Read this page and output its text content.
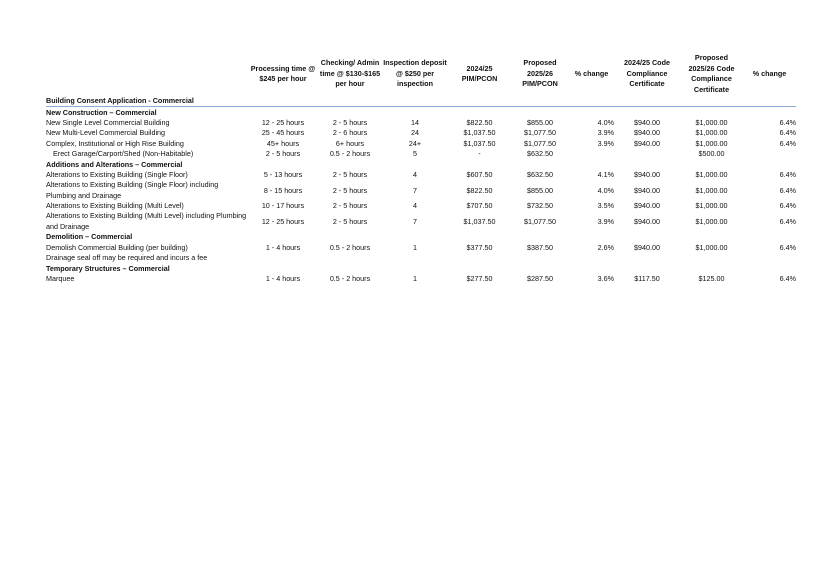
	Processing time @ $245 per hour	Checking/ Admin time @ $130-$165 per hour	Inspection deposit @ $250 per inspection	2024/25 PIM/PCON	Proposed 2025/26 PIM/PCON	% change	2024/25 Code Compliance Certificate	Proposed 2025/26 Code Compliance Certificate	% change
Building Consent Application - Commercial									
New Construction – Commercial									
New Single Level Commercial Building	12 - 25 hours	2 - 5 hours	14	$822.50	$855.00	4.0%	$940.00	$1,000.00	6.4%
New Multi-Level Commercial Building	25 - 45 hours	2 - 6 hours	24	$1,037.50	$1,077.50	3.9%	$940.00	$1,000.00	6.4%
Complex, Institutional or High Rise Building	45+ hours	6+ hours	24+	$1,037.50	$1,077.50	3.9%	$940.00	$1,000.00	6.4%
Erect Garage/Carport/Shed (Non-Habitable)	2 - 5 hours	0.5 - 2 hours	5	-	$632.50			$500.00	
Additions and Alterations – Commercial									
Alterations to Existing Building (Single Floor)	5 - 13 hours	2 - 5 hours	4	$607.50	$632.50	4.1%	$940.00	$1,000.00	6.4%
Alterations to Existing Building (Single Floor) including Plumbing and Drainage	8 - 15 hours	2 - 5 hours	7	$822.50	$855.00	4.0%	$940.00	$1,000.00	6.4%
Alterations to Existing Building (Multi Level)	10 - 17 hours	2 - 5 hours	4	$707.50	$732.50	3.5%	$940.00	$1,000.00	6.4%
Alterations to Existing Building (Multi Level) including Plumbing and Drainage	12 - 25 hours	2 - 5 hours	7	$1,037.50	$1,077.50	3.9%	$940.00	$1,000.00	6.4%
Demolition – Commercial									
Demolish Commercial Building (per building)	1 - 4 hours	0.5 - 2 hours	1	$377.50	$387.50	2.6%	$940.00	$1,000.00	6.4%
Drainage seal off may be required and incurs a fee									
Temporary Structures – Commercial									
Marquee	1 - 4 hours	0.5 - 2 hours	1	$277.50	$287.50	3.6%	$117.50	$125.00	6.4%
